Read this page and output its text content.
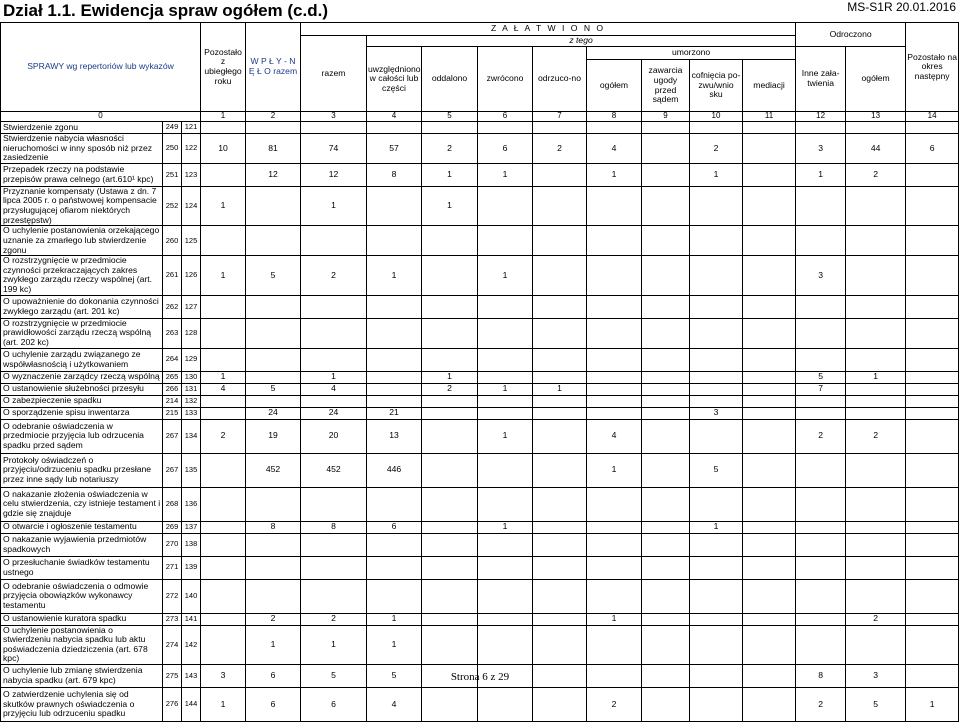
Dział 1.1. Ewidencja spraw ogółem (c.d.)	MS-S1R 20.01.2016
SPRAWY wg repertoriów lub wykazów			Pozostało z ubiegłego roku	W P Ł Y - N Ę Ł O razem	Z A Ł A T W I O N O									Odroczono		Pozostało na okres następny	
					razem	z tego											
						uwzględniono w całości lub części	oddalono	zwrócono	odrzuco-no	umorzono				Inne zała-twienia	ogółem	
										ogółem	zawarcia ugody przed sądem	cofnięcia po-zwu/wnio sku	mediacji				
0			1	2	3	4	5	6	7	8	9	10	11	12	13	14	
Stwierdzenie zgonu	249	121															
Stwierdzenie nabycia własności nieruchomości w inny sposób niż przez zasiedzenie	250	122	10	81	74	57	2	6	2	4		2		3	44	6	
Przepadek rzeczy na podstawie przepisów prawa celnego (art.610¹ kpc)	251	123		12	12	8	1	1		1		1		1	2		
Przyznanie kompensaty (Ustawa z dn. 7 lipca 2005 r. o państwowej kompensacie przysługującej ofiarom niektórych przestępstw)	252	124	1		1		1										
O uchylenie postanowienia orzekającego uznanie za zmarłego lub stwierdzenie zgonu	260	125															
O rozstrzygnięcie w przedmiocie czynności przekraczających zakres zwykłego zarządu rzeczy wspólnej (art. 199 kc)	261	126	1	5	2	1		1						3			
O upoważnienie do dokonania czynności zwykłego zarządu (art. 201 kc)	262	127															
O rozstrzygnięcie w przedmiocie prawidłowości zarządu rzeczą wspólną (art. 202 kc)	263	128															
O uchylenie zarządu związanego ze współwłasnością i użytkowaniem	264	129															
O wyznaczenie zarządcy rzeczą wspólną	265	130	1		1		1							5	1		
O ustanowienie służebności przesyłu	266	131	4	5	4		2	1	1					7			
O zabezpieczenie spadku	214	132															
O sporządzenie spisu inwentarza	215	133		24	24	21						3					
O odebranie oświadczenia w przedmiocie przyjęcia lub odrzucenia spadku przed sądem	267	134	2	19	20	13		1		4				2	2		
Protokoły oświadczeń o przyjęciu/odrzuceniu spadku przesłane przez inne sądy lub notariuszy	267	135		452	452	446				1		5					
O nakazanie złożenia oświadczenia w celu stwierdzenia, czy istnieje testament i gdzie się znajduje	268	136															
O otwarcie i ogłoszenie testamentu	269	137		8	8	6		1				1					
O nakazanie wyjawienia przedmiotów spadkowych	270	138															
O przesłuchanie świadków testamentu ustnego	271	139															
O odebranie oświadczenia o odmowie przyjęcia obowiązków wykonawcy testamentu	272	140															
O ustanowienie kuratora spadku	273	141		2	2	1				1					2		
O uchylenie postanowienia o stwierdzeniu nabycia spadku lub aktu poświadczenia dziedziczenia (art. 678 kpc)	274	142		1	1	1											
O uchylenie lub zmianę stwierdzenia nabycia spadku (art. 679 kpc)	275	143	3	6	5	5								8	3		
O zatwierdzenie uchylenia się od skutków prawnych oświadczenia o przyjęciu lub odrzuceniu spadku	276	144	1	6	6	4				2				2	5	1	
Strona 6 z 29
